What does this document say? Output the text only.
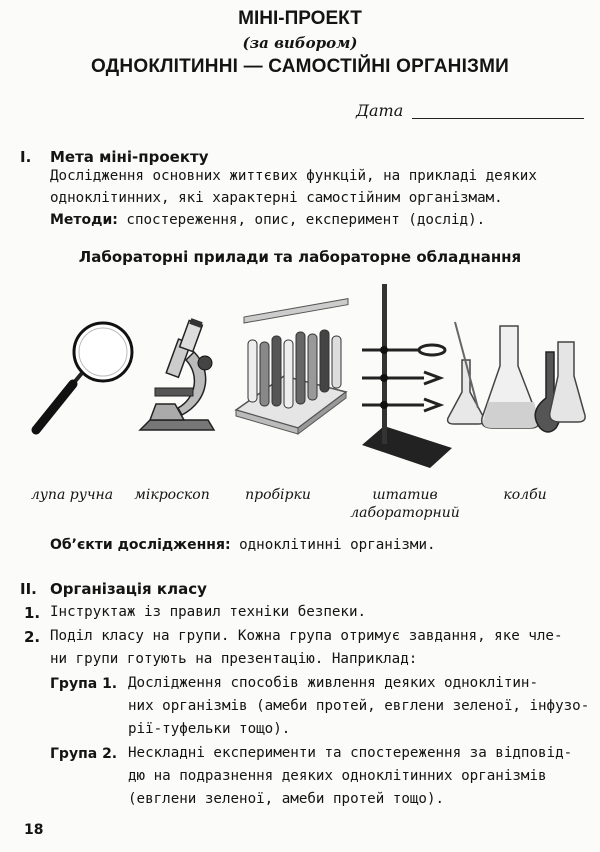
МІНІ-ПРОЕКТ
(за вибором)
ОДНОКЛІТИННІ — САМОСТІЙНІ ОРГАНІЗМИ
Дата
I. Мета міні-проекту
Дослідження основних життєвих функцій, на прикладі деяких
одноклітинних, які характерні самостійним організмам.
Методи: спостереження, опис, експеримент (дослід).
Лабораторні прилади та лабораторне обладнання
лупа ручна	мікроскоп	пробірки	штатив
лабораторний
колби
Об’єкти дослідження: одноклітинні організми.
II. Організація класу
1. Інструктаж із правил техніки безпеки.
2. Поділ класу на групи. Кожна група отримує завдання, яке чле-
ни групи готують на презентацію. Наприклад:
Група 1. Дослідження способів живлення деяких одноклітин-
них організмів (амеби протей, евглени зеленої, інфузо-
рії-туфельки тощо).
Група 2. Нескладні експерименти та спостереження за відповід-
дю на подразнення деяких одноклітинних організмів
(евглени зеленої, амеби протей тощо).
18
